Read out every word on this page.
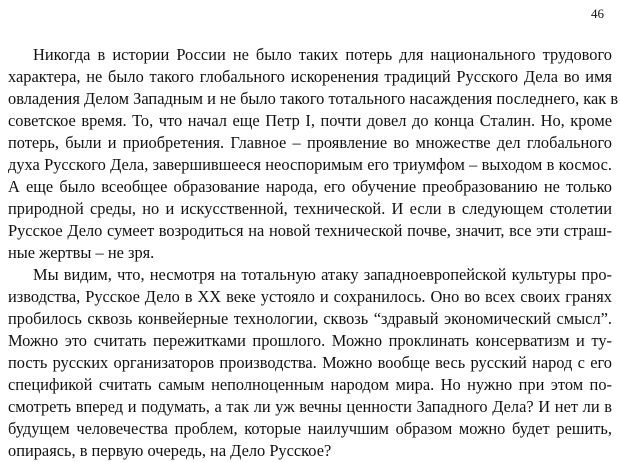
46
Никогда в истории России не было таких потерь для национального трудового
характера, не было такого глобального искоренения традиций Русского Дела во имя
овладения Делом Западным и не было такого тотального насаждения последнего, как в
советское время. То, что начал еще Петр I, почти довел до конца Сталин. Но, кроме
потерь, были и приобретения. Главное – проявление во множестве дел глобального
духа Русского Дела, завершившееся неоспоримым его триумфом – выходом в космос.
А еще было всеобщее образование народа, его обучение преобразованию не только
природной среды, но и искусственной, технической. И если в следующем столетии
Русское Дело сумеет возродиться на новой технической почве, значит, все эти страш-
ные жертвы – не зря.
Мы видим, что, несмотря на тотальную атаку западноевропейской культуры про-
изводства, Русское Дело в XX веке устояло и сохранилось. Оно во всех своих гранях
пробилось сквозь конвейерные технологии, сквозь “здравый экономический смысл”.
Можно это считать пережитками прошлого. Можно проклинать консерватизм и ту-
пость русских организаторов производства. Можно вообще весь русский народ с его
спецификой считать самым неполноценным народом мира. Но нужно при этом по-
смотреть вперед и подумать, а так ли уж вечны ценности Западного Дела? И нет ли в
будущем человечества проблем, которые наилучшим образом можно будет решить,
опираясь, в первую очередь, на Дело Русское?
